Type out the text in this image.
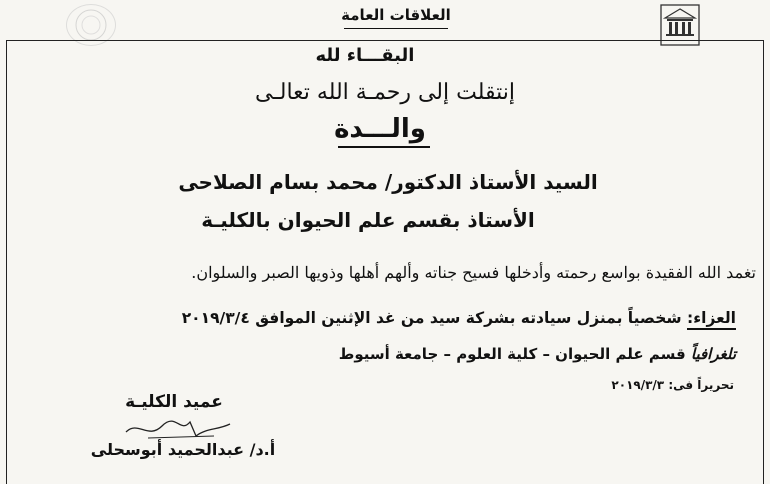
العلاقات العامة
البقـــاء لله
إنتقلت إلى رحمـة الله تعالـى
والـــدة
السيد الأستاذ الدكتور/ محمد بسام الصلاحى
الأستاذ بقسم علم الحيوان بالكليـة
تغمد الله الفقيدة بواسع رحمته وأدخلها فسيح جناته وألهم أهلها وذويها الصبر والسلوان.
العزاء: شخصياً بمنزل سيادته بشركة سيد من غد الإثنين الموافق ٢٠١٩/٣/٤
تلغرافياً قسم علم الحيوان – كلية العلوم – جامعة أسيوط
تحريراً فى: ٢٠١٩/٣/٣
عميد الكليـة
أ.د/ عبدالحميد أبوسحلى
